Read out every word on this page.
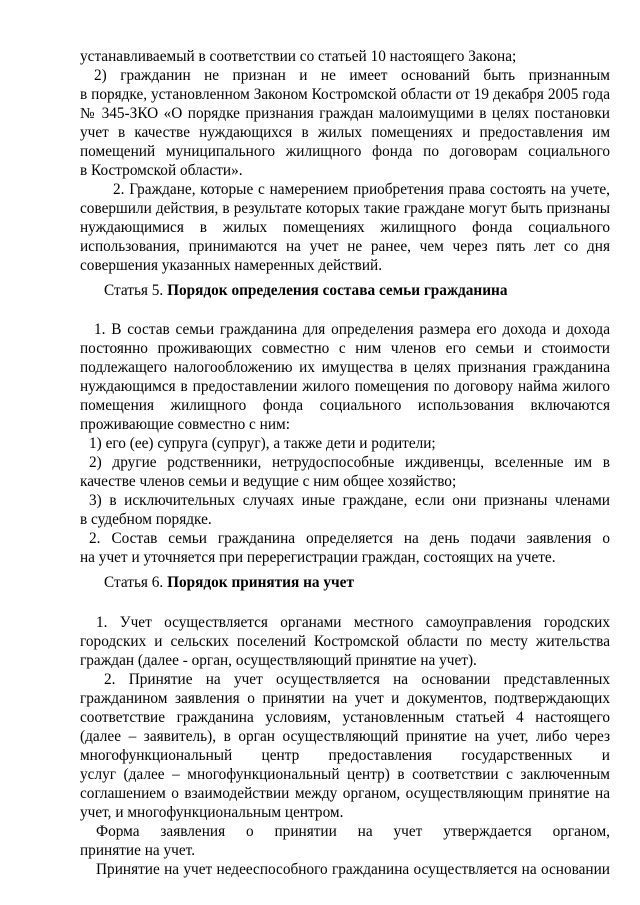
устанавливаемый в соответствии со статьей 10 настоящего Закона;
2) гражданин не признан и не имеет оснований быть признанным
в порядке, установленном Законом Костромской области от 19 декабря 2005 года
№ 345-ЗКО «О порядке признания граждан малоимущими в целях постановки
учет в качестве нуждающихся в жилых помещениях и предоставления им
помещений муниципального жилищного фонда по договорам социального
в Костромской области».
2. Граждане, которые с намерением приобретения права состоять на учете,
совершили действия, в результате которых такие граждане могут быть признаны
нуждающимися в жилых помещениях жилищного фонда социального
использования, принимаются на учет не ранее, чем через пять лет со дня
совершения указанных намеренных действий.
1. В состав семьи гражданина для определения размера его дохода и дохода
постоянно проживающих совместно с ним членов его семьи и стоимости
подлежащего налогообложению их имущества в целях признания гражданина
нуждающимся в предоставлении жилого помещения по договору найма жилого
помещения жилищного фонда социального использования включаются
проживающие совместно с ним:
1) его (ее) супруга (супруг), а также дети и родители;
2) другие родственники, нетрудоспособные иждивенцы, вселенные им в
качестве членов семьи и ведущие с ним общее хозяйство;
3) в исключительных случаях иные граждане, если они признаны членами
в судебном порядке.
2. Состав семьи гражданина определяется на день подачи заявления о
на учет и уточняется при перерегистрации граждан, состоящих на учете.
1. Учет осуществляется органами местного самоуправления городских
городских и сельских поселений Костромской области по месту жительства
граждан (далее - орган, осуществляющий принятие на учет).
2. Принятие на учет осуществляется на основании представленных
гражданином заявления о принятии на учет и документов, подтверждающих
соответствие гражданина условиям, установленным статьей 4 настоящего
(далее – заявитель), в орган осуществляющий принятие на учет, либо через
многофункциональный центр предоставления государственных и
услуг (далее – многофункциональный центр) в соответствии с заключенным
соглашением о взаимодействии между органом, осуществляющим принятие на
учет, и многофункциональным центром.
Форма заявления о принятии на учет утверждается органом,
принятие на учет.
Принятие на учет недееспособного гражданина осуществляется на основании
Статья 5. Порядок определения состава семьи гражданина
Статья 6. Порядок принятия на учет
